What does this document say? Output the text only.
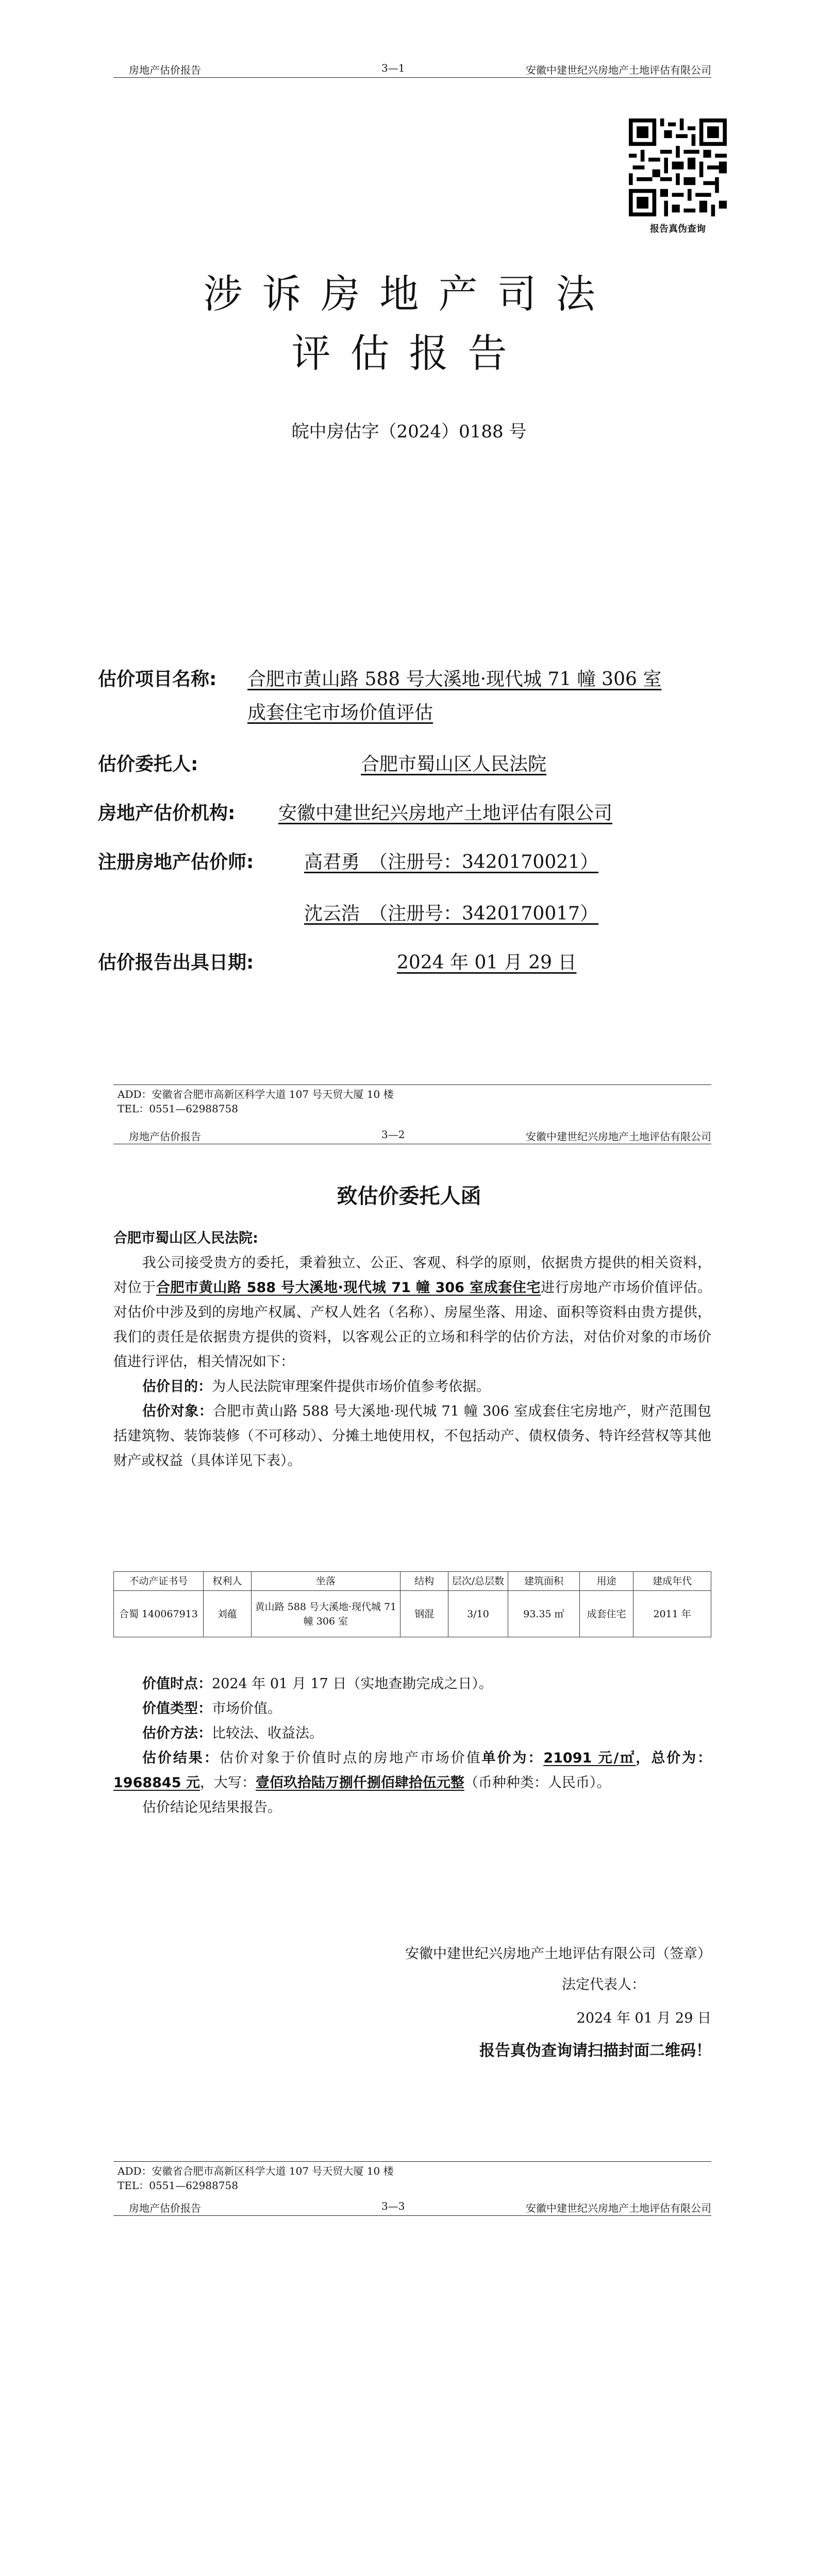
房地产估价报告	3—1	安徽中建世纪兴房地产土地评估有限公司
报告真伪查询
涉诉房地产司法
评估报告
皖中房估字（2024）0188 号
估价项目名称: 合肥市黄山路 588 号大溪地·现代城 71 幢 306 室
成套住宅市场价值评估
估价委托人:	合肥市蜀山区人民法院
房地产估价机构: 安徽中建世纪兴房地产土地评估有限公司
注册房地产估价师:	高君勇　（注册号：3420170021）
沈云浩　（注册号：3420170017）
估价报告出具日期:	2024 年 01 月 29 日
ADD：安徽省合肥市高新区科学大道 107 号天贸大厦 10 楼
TEL：0551—62988758
房地产估价报告	3—2	安徽中建世纪兴房地产土地评估有限公司
致估价委托人函
合肥市蜀山区人民法院:
我公司接受贵方的委托，秉着独立、公正、客观、科学的原则，依据贵方提供的相关资料，对位于合肥市黄山路 588 号大溪地·现代城 71 幢 306 室成套住宅进行房地产市场价值评估。对估价中涉及到的房地产权属、产权人姓名（名称）、房屋坐落、用途、面积等资料由贵方提供，我们的责任是依据贵方提供的资料，以客观公正的立场和科学的估价方法，对估价对象的市场价值进行评估，相关情况如下：
估价目的：为人民法院审理案件提供市场价值参考依据。
估价对象：合肥市黄山路 588 号大溪地·现代城 71 幢 306 室成套住宅房地产，财产范围包括建筑物、装饰装修（不可移动）、分摊土地使用权，不包括动产、债权债务、特许经营权等其他财产或权益（具体详见下表）。
不动产证书号	权利人	坐落	结构	层次/总层数	建筑面积	用途	建成年代
合蜀 140067913	刘蕴	黄山路 588 号大溪地·现代城 71 幢 306 室	钢混	3/10	93.35 ㎡	成套住宅	2011 年
价值时点：2024 年 01 月 17 日（实地查勘完成之日）。
价值类型：市场价值。
估价方法：比较法、收益法。
估价结果：估价对象于价值时点的房地产市场价值单价为：21091 元/㎡，总价为：1968845 元，大写：壹佰玖拾陆万捌仟捌佰肆拾伍元整（币种种类：人民币）。
估价结论见结果报告。
安徽中建世纪兴房地产土地评估有限公司（签章）
法定代表人：
2024 年 01 月 29 日
报告真伪查询请扫描封面二维码！
ADD：安徽省合肥市高新区科学大道 107 号天贸大厦 10 楼
TEL：0551—62988758
房地产估价报告	3—3	安徽中建世纪兴房地产土地评估有限公司
